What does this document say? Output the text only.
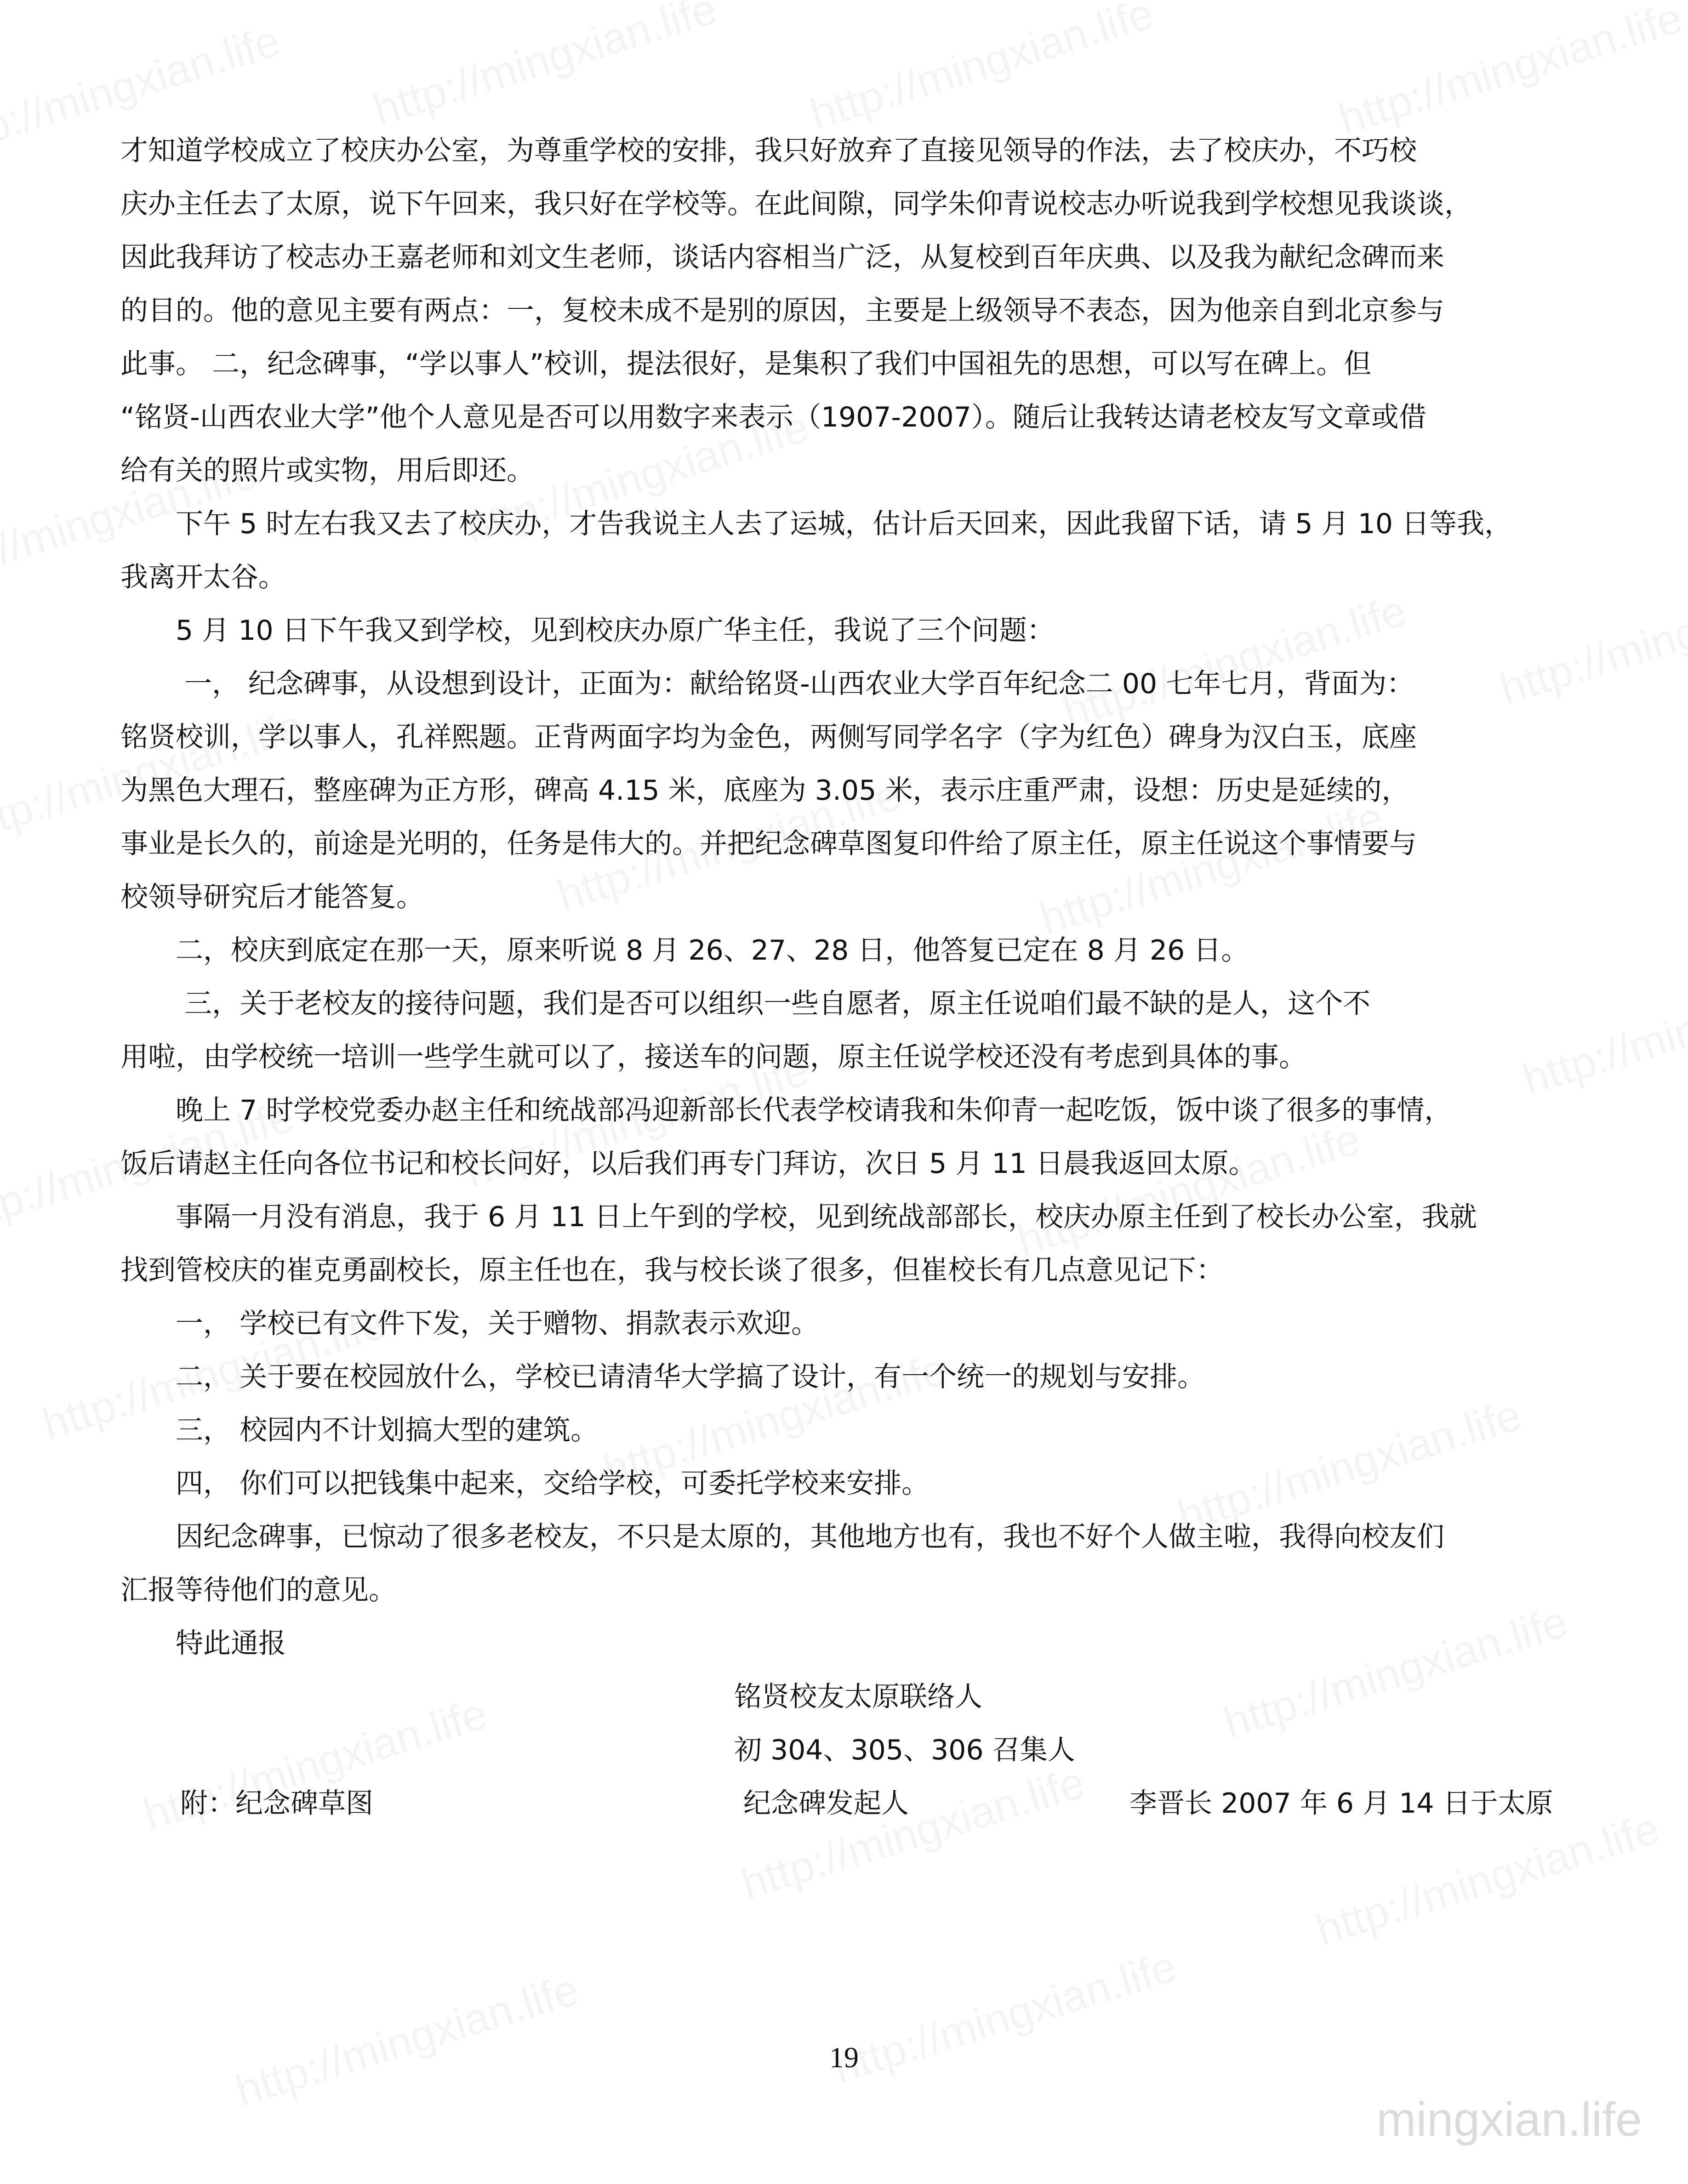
mingxian.life

才知道学校成立了校庆办公室，为尊重学校的安排，我只好放弃了直接见领导的作法，去了校庆办，不巧校

庆办主任去了太原，说下午回来，我只好在学校等。在此间隙，同学朱仰青说校志办听说我到学校想见我谈谈，

因此我拜访了校志办王嘉老师和刘文生老师，谈话内容相当广泛，从复校到百年庆典、以及我为献纪念碑而来

的目的。他的意见主要有两点：一，复校未成不是别的原因，主要是上级领导不表态，因为他亲自到北京参与

此事。 二，纪念碑事，“学以事人”校训，提法很好，是集积了我们中国祖先的思想，可以写在碑上。但

“铭贤-山西农业大学”他个人意见是否可以用数字来表示（1907-2007）。随后让我转达请老校友写文章或借

给有关的照片或实物，用后即还。

　　下午 5 时左右我又去了校庆办，才告我说主人去了运城，估计后天回来，因此我留下话，请 5 月 10 日等我，

我离开太谷。

　　5 月 10 日下午我又到学校，见到校庆办原广华主任，我说了三个问题：

　　 一， 纪念碑事，从设想到设计，正面为：献给铭贤-山西农业大学百年纪念二 00 七年七月，背面为：

铭贤校训，学以事人，孔祥熙题。正背两面字均为金色，两侧写同学名字（字为红色）碑身为汉白玉，底座

为黑色大理石，整座碑为正方形，碑高 4.15 米，底座为 3.05 米，表示庄重严肃，设想：历史是延续的，

事业是长久的，前途是光明的，任务是伟大的。并把纪念碑草图复印件给了原主任，原主任说这个事情要与

校领导研究后才能答复。

　　二，校庆到底定在那一天，原来听说 8 月 26、27、28 日，他答复已定在 8 月 26 日。

　　 三，关于老校友的接待问题，我们是否可以组织一些自愿者，原主任说咱们最不缺的是人，这个不

用啦，由学校统一培训一些学生就可以了，接送车的问题，原主任说学校还没有考虑到具体的事。

　　晚上 7 时学校党委办赵主任和统战部冯迎新部长代表学校请我和朱仰青一起吃饭，饭中谈了很多的事情，

饭后请赵主任向各位书记和校长问好，以后我们再专门拜访，次日 5 月 11 日晨我返回太原。

　　事隔一月没有消息，我于 6 月 11 日上午到的学校，见到统战部部长，校庆办原主任到了校长办公室，我就

找到管校庆的崔克勇副校长，原主任也在，我与校长谈了很多，但崔校长有几点意见记下：

　　一， 学校已有文件下发，关于赠物、捐款表示欢迎。

　　二， 关于要在校园放什么，学校已请清华大学搞了设计，有一个统一的规划与安排。

　　三， 校园内不计划搞大型的建筑。

　　四， 你们可以把钱集中起来，交给学校，可委托学校来安排。

　　因纪念碑事，已惊动了很多老校友，不只是太原的，其他地方也有，我也不好个人做主啦，我得向校友们

汇报等待他们的意见。

　　特此通报

铭贤校友太原联络人
初 304、305、306 召集人
附：纪念碑草图	纪念碑发起人	李晋长 2007 年 6 月 14 日于太原
19
